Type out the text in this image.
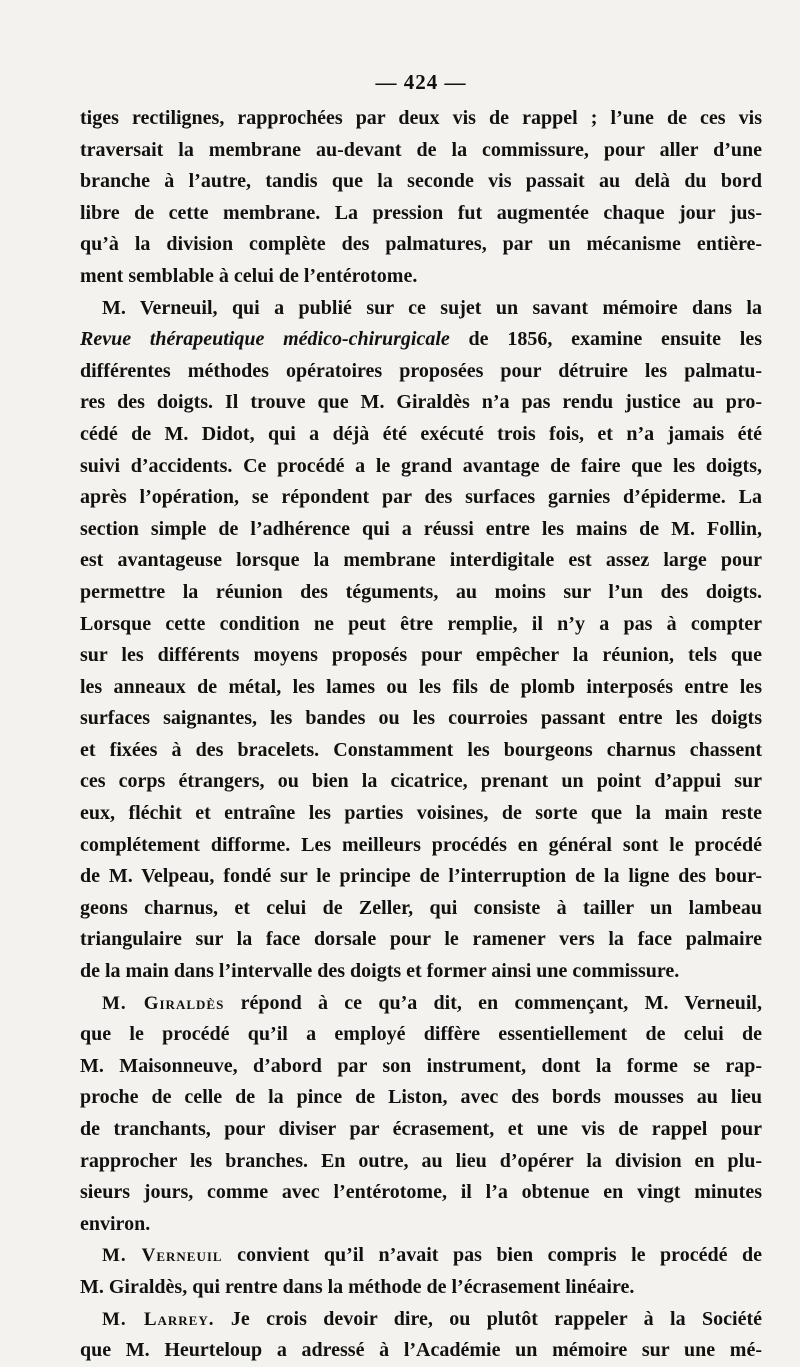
— 424 —

tiges rectilignes, rapprochées par deux vis de rappel ; l’une de ces vis
traversait la membrane au-devant de la commissure, pour aller d’une
branche à l’autre, tandis que la seconde vis passait au delà du bord
libre de cette membrane. La pression fut augmentée chaque jour jus-
qu’à la division complète des palmatures, par un mécanisme entière-
ment semblable à celui de l’entérotome.

M. Verneuil, qui a publié sur ce sujet un savant mémoire dans la
Revue thérapeutique médico-chirurgicale de 1856, examine ensuite les
différentes méthodes opératoires proposées pour détruire les palmatu-
res des doigts. Il trouve que M. Giraldès n’a pas rendu justice au pro-
cédé de M. Didot, qui a déjà été exécuté trois fois, et n’a jamais été
suivi d’accidents. Ce procédé a le grand avantage de faire que les doigts,
après l’opération, se répondent par des surfaces garnies d’épiderme. La
section simple de l’adhérence qui a réussi entre les mains de M. Follin,
est avantageuse lorsque la membrane interdigitale est assez large pour
permettre la réunion des téguments, au moins sur l’un des doigts.
Lorsque cette condition ne peut être remplie, il n’y a pas à compter
sur les différents moyens proposés pour empêcher la réunion, tels que
les anneaux de métal, les lames ou les fils de plomb interposés entre les
surfaces saignantes, les bandes ou les courroies passant entre les doigts
et fixées à des bracelets. Constamment les bourgeons charnus chassent
ces corps étrangers, ou bien la cicatrice, prenant un point d’appui sur
eux, fléchit et entraîne les parties voisines, de sorte que la main reste
complétement difforme. Les meilleurs procédés en général sont le procédé
de M. Velpeau, fondé sur le principe de l’interruption de la ligne des bour-
geons charnus, et celui de Zeller, qui consiste à tailler un lambeau
triangulaire sur la face dorsale pour le ramener vers la face palmaire
de la main dans l’intervalle des doigts et former ainsi une commissure.

M. Giraldès répond à ce qu’a dit, en commençant, M. Verneuil,
que le procédé qu’il a employé diffère essentiellement de celui de
M. Maisonneuve, d’abord par son instrument, dont la forme se rap-
proche de celle de la pince de Liston, avec des bords mousses au lieu
de tranchants, pour diviser par écrasement, et une vis de rappel pour
rapprocher les branches. En outre, au lieu d’opérer la division en plu-
sieurs jours, comme avec l’entérotome, il l’a obtenue en vingt minutes
environ.

M. Verneuil convient qu’il n’avait pas bien compris le procédé de
M. Giraldès, qui rentre dans la méthode de l’écrasement linéaire.

M. Larrey. Je crois devoir dire, ou plutôt rappeler à la Société
que M. Heurteloup a adressé à l’Académie un mémoire sur une mé-
